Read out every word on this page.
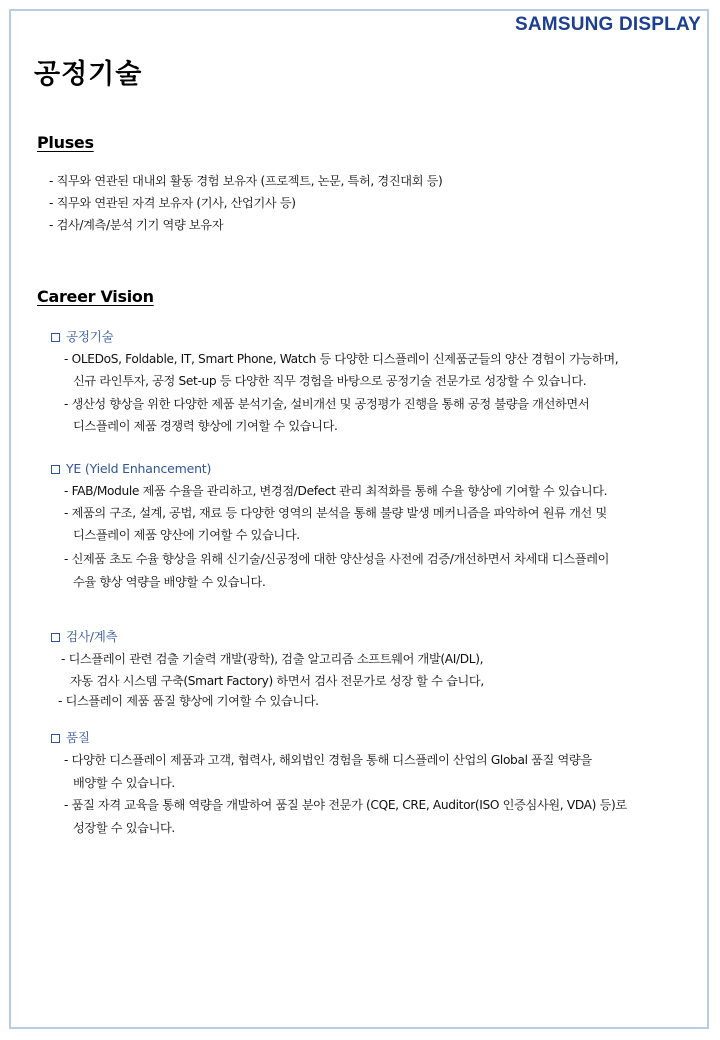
SAMSUNG DISPLAY
공정기술
Pluses
- 직무와 연관된 대내외 활동 경험 보유자 (프로젝트, 논문, 특허, 경진대회 등)
- 직무와 연관된 자격 보유자 (기사, 산업기사 등)
- 검사/계측/분석 기기 역량 보유자
Career Vision
공정기술
- OLEDoS, Foldable, IT, Smart Phone, Watch 등 다양한 디스플레이 신제품군들의 양산 경험이 가능하며,
신규 라인투자, 공정 Set-up 등 다양한 직무 경험을 바탕으로 공정기술 전문가로 성장할 수 있습니다.
- 생산성 향상을 위한 다양한 제품 분석기술, 설비개선 및 공정평가 진행을 통해 공정 불량을 개선하면서
디스플레이 제품 경쟁력 향상에 기여할 수 있습니다.
YE (Yield Enhancement)
- FAB/Module 제품 수율을 관리하고, 변경점/Defect 관리 최적화를 통해 수율 향상에 기여할 수 있습니다.
- 제품의 구조, 설계, 공법, 재료 등 다양한 영역의 분석을 통해 불량 발생 메커니즘을 파악하여 원류 개선 및
디스플레이 제품 양산에 기여할 수 있습니다.
- 신제품 초도 수율 향상을 위해 신기술/신공정에 대한 양산성을 사전에 검증/개선하면서 차세대 디스플레이
수율 향상 역량을 배양할 수 있습니다.
검사/계측
- 디스플레이 관련 검출 기술력 개발(광학), 검출 알고리즘 소프트웨어 개발(AI/DL),
자동 검사 시스템 구축(Smart Factory) 하면서 검사 전문가로 성장 할 수 습니다,
- 디스플레이 제품 품질 향상에 기여할 수 있습니다.
품질
- 다양한 디스플레이 제품과 고객, 협력사, 해외법인 경험을 통해 디스플레이 산업의 Global 품질 역량을
배양할 수 있습니다.
- 품질 자격 교육을 통해 역량을 개발하여 품질 분야 전문가 (CQE, CRE, Auditor(ISO 인증심사원, VDA) 등)로
성장할 수 있습니다.
